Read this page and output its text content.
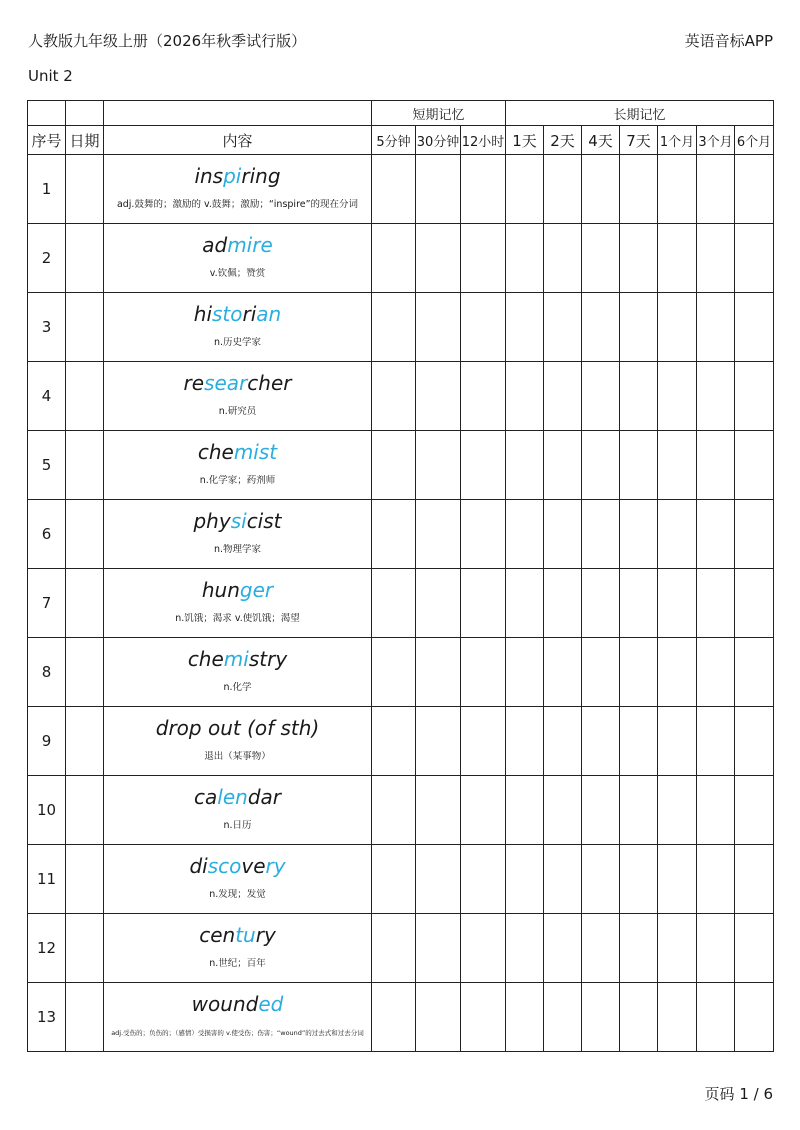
人教版九年级上册（2026年秋季试行版）	英语音标APP
Unit 2
			短期记忆			长期记忆						
序号	日期	内容	5分钟	30分钟	12小时	1天	2天	4天	7天	1个月	3个月	6个月
1		inspiring
adj.鼓舞的；激励的 v.鼓舞；激励；“inspire”的现在分词										

2		admire
v.钦佩；赞赏										

3		historian
n.历史学家										

4		researcher
n.研究员										

5		chemist
n.化学家；药剂师										

6		physicist
n.物理学家										

7		hunger
n.饥饿；渴求 v.使饥饿；渴望										

8		chemistry
n.化学										

9		drop out (of sth)
退出（某事物）										

10		calendar
n.日历										

11		discovery
n.发现；发觉										

12		century
n.世纪；百年										

13		wounded
adj.受伤的；负伤的；（感情）受损害的 v.使受伤；伤害；“wound”的过去式和过去分词										

页码 1 / 6
